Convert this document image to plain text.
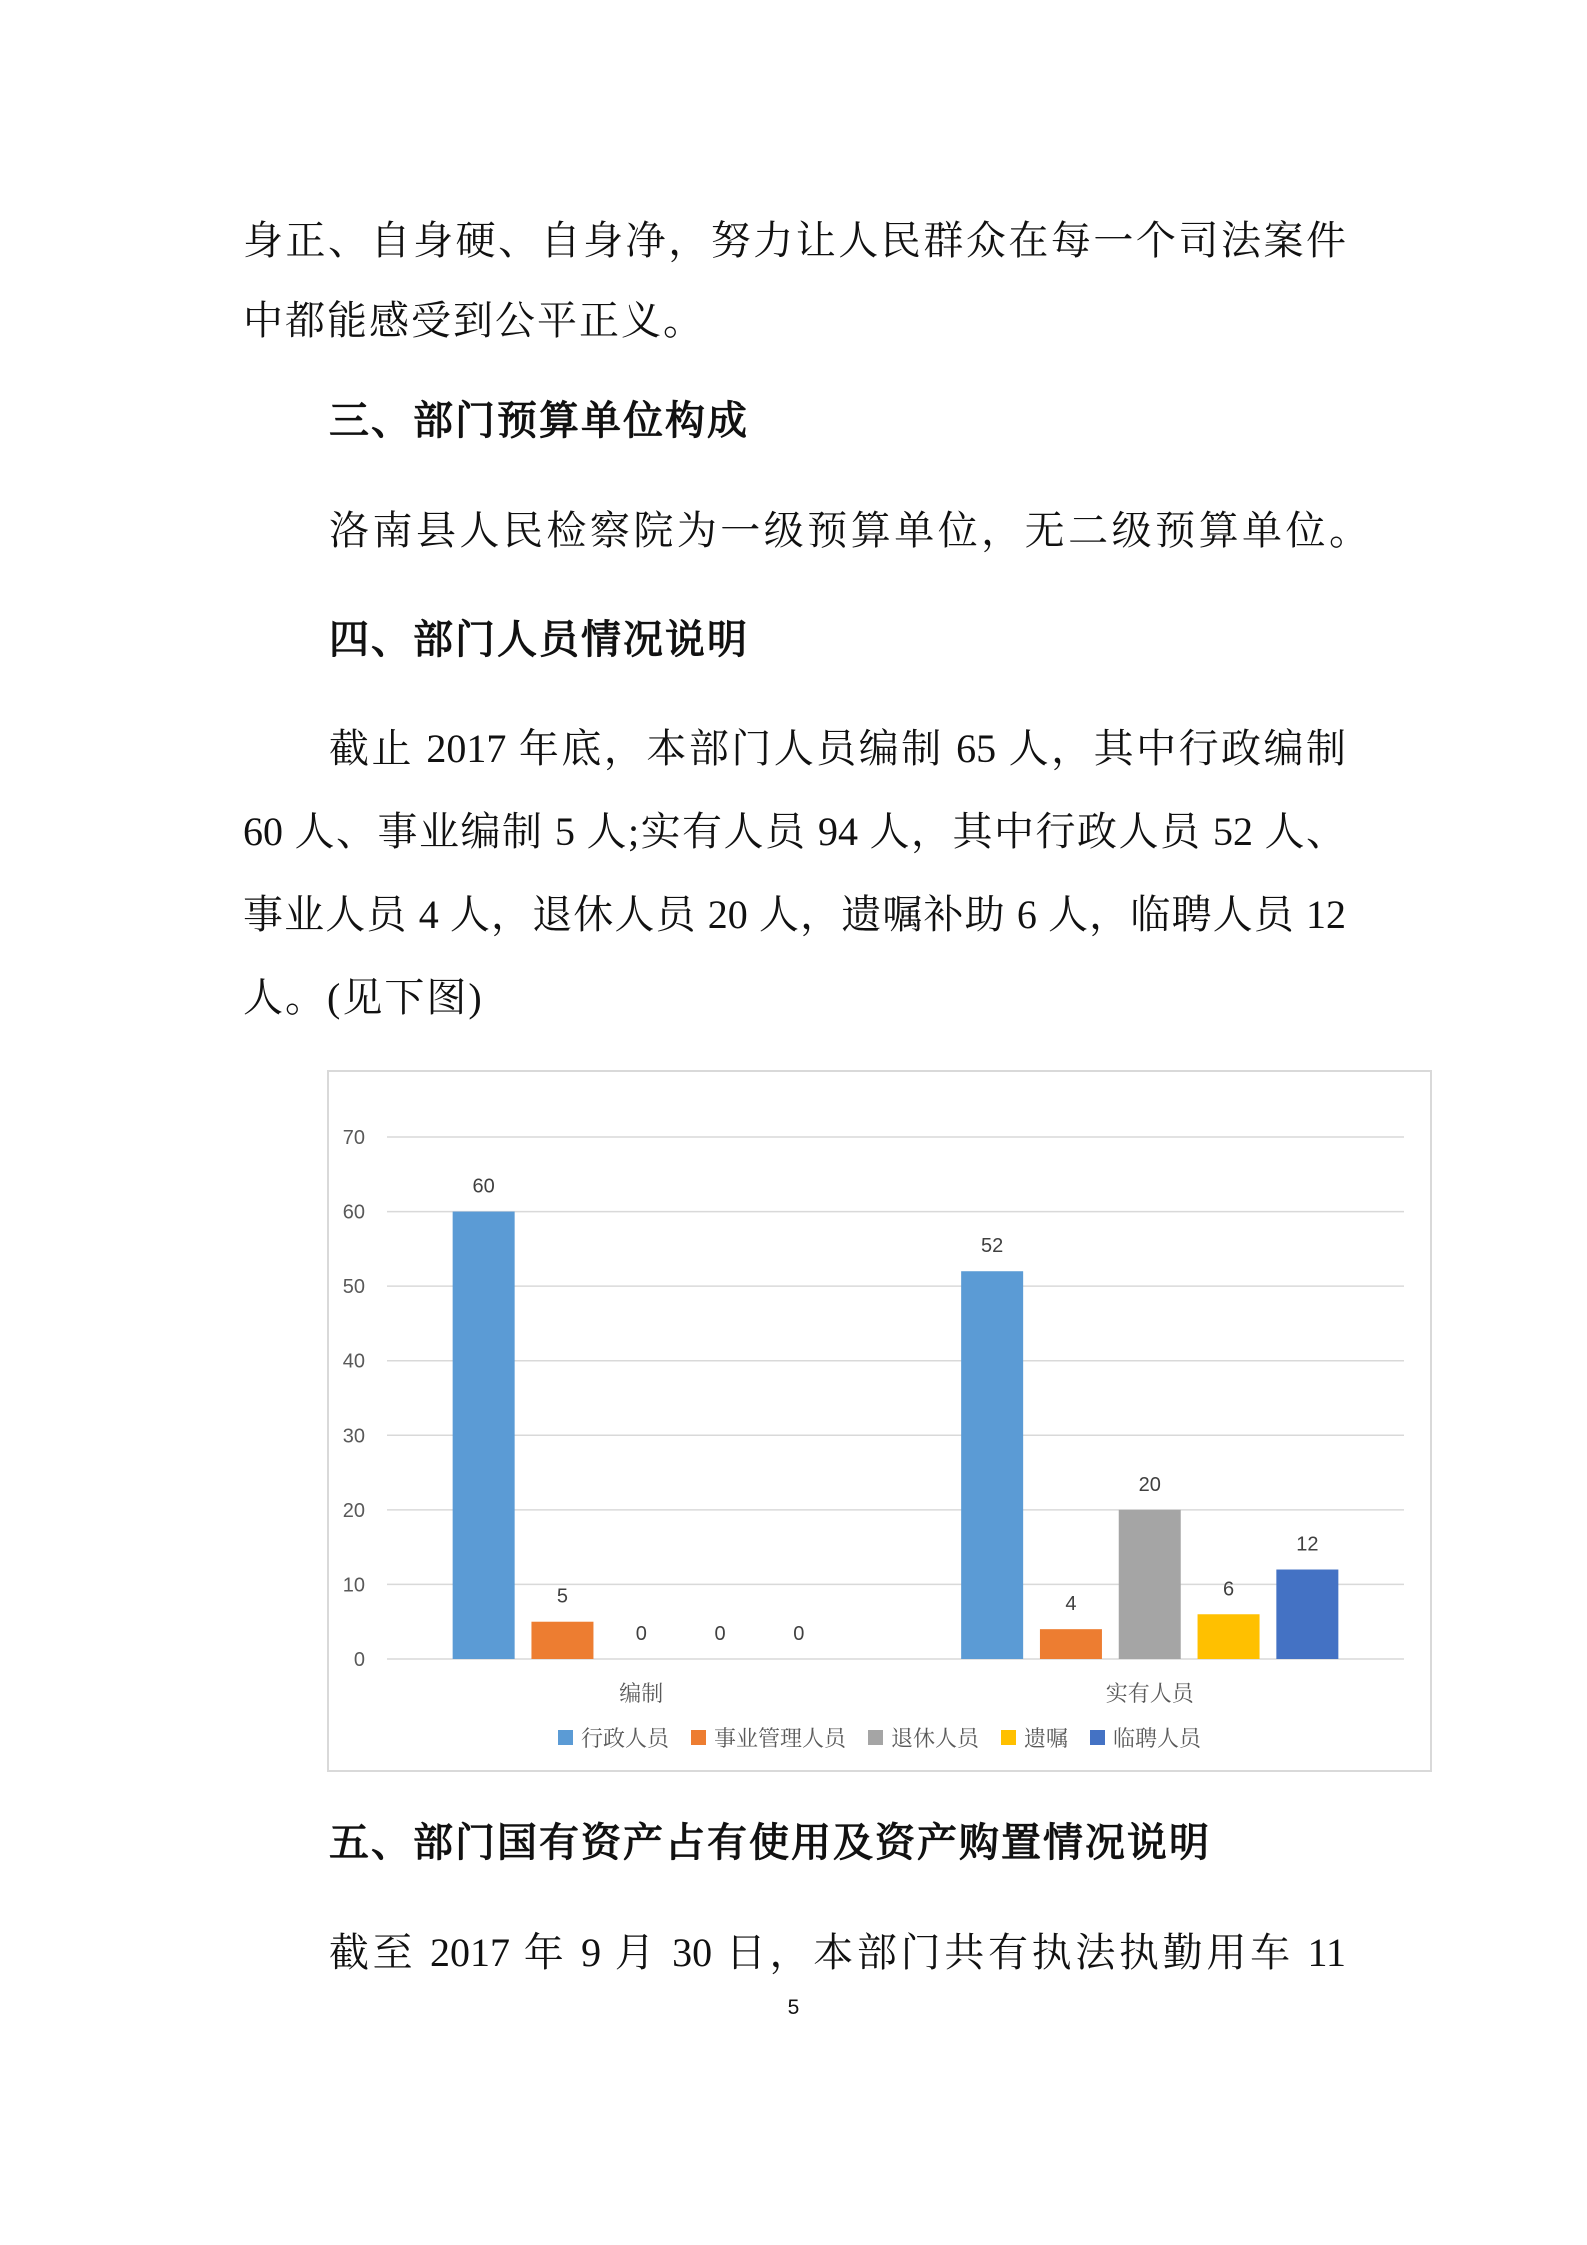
身正、自身硬、自身净，努力让人民群众在每一个司法案件
中都能感受到公平正义。
三、部门预算单位构成
洛南县人民检察院为一级预算单位，无二级预算单位。
四、部门人员情况说明
截止 2017 年底，本部门人员编制 65 人，其中行政编制
60 人、事业编制 5 人;实有人员 94 人，其中行政人员 52 人、
事业人员 4 人，退休人员 20 人，遗嘱补助 6 人，临聘人员 12
人。(见下图)
0
10
20
30
40
50
60
70
60
5
0	0	0
编制
52
4
20
6
12
实有人员
行政人员 事业管理人员 退休人员 遗嘱 临聘人员
五、部门国有资产占有使用及资产购置情况说明
截至 2017 年 9 月 30 日，本部门共有执法执勤用车 11
5
